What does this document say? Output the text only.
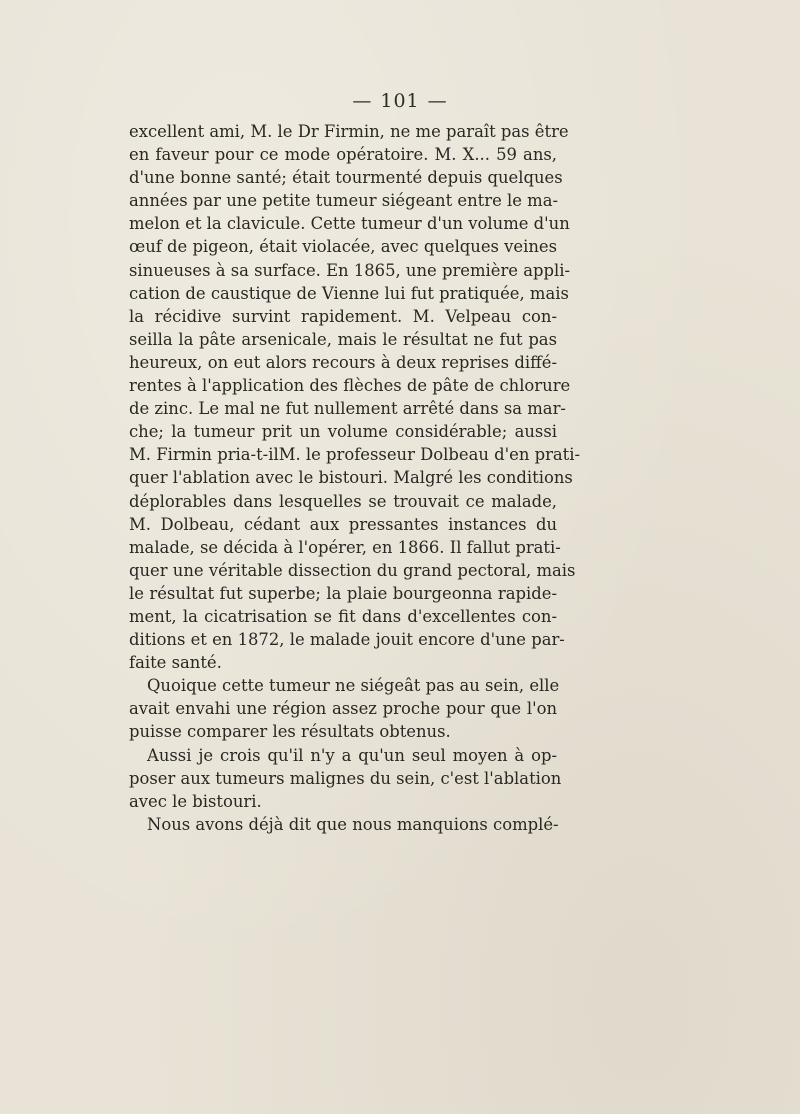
— 101 —
excellent ami, M. le Dr Firmin, ne me paraît pas être
en faveur pour ce mode opératoire. M. X... 59 ans,
d'une bonne santé; était tourmenté depuis quelques
années par une petite tumeur siégeant entre le ma-
melon et la clavicule. Cette tumeur d'un volume d'un
œuf de pigeon, était violacée, avec quelques veines
sinueuses à sa surface. En 1865, une première appli-
cation de caustique de Vienne lui fut pratiquée, mais
la récidive survint rapidement. M. Velpeau con-
seilla la pâte arsenicale, mais le résultat ne fut pas
heureux, on eut alors recours à deux reprises diffé-
rentes à l'application des flèches de pâte de chlorure
de zinc. Le mal ne fut nullement arrêté dans sa mar-
che; la tumeur prit un volume considérable; aussi
M. Firmin pria-t-ilM. le professeur Dolbeau d'en prati-
quer l'ablation avec le bistouri. Malgré les conditions
déplorables dans lesquelles se trouvait ce malade,
M. Dolbeau, cédant aux pressantes instances du
malade, se décida à l'opérer, en 1866. Il fallut prati-
quer une véritable dissection du grand pectoral, mais
le résultat fut superbe; la plaie bourgeonna rapide-
ment, la cicatrisation se fit dans d'excellentes con-
ditions et en 1872, le malade jouit encore d'une par-
faite santé.
Quoique cette tumeur ne siégeât pas au sein, elle
avait envahi une région assez proche pour que l'on
puisse comparer les résultats obtenus.
Aussi je crois qu'il n'y a qu'un seul moyen à op-
poser aux tumeurs malignes du sein, c'est l'ablation
avec le bistouri.
Nous avons déjà dit que nous manquions complé-
